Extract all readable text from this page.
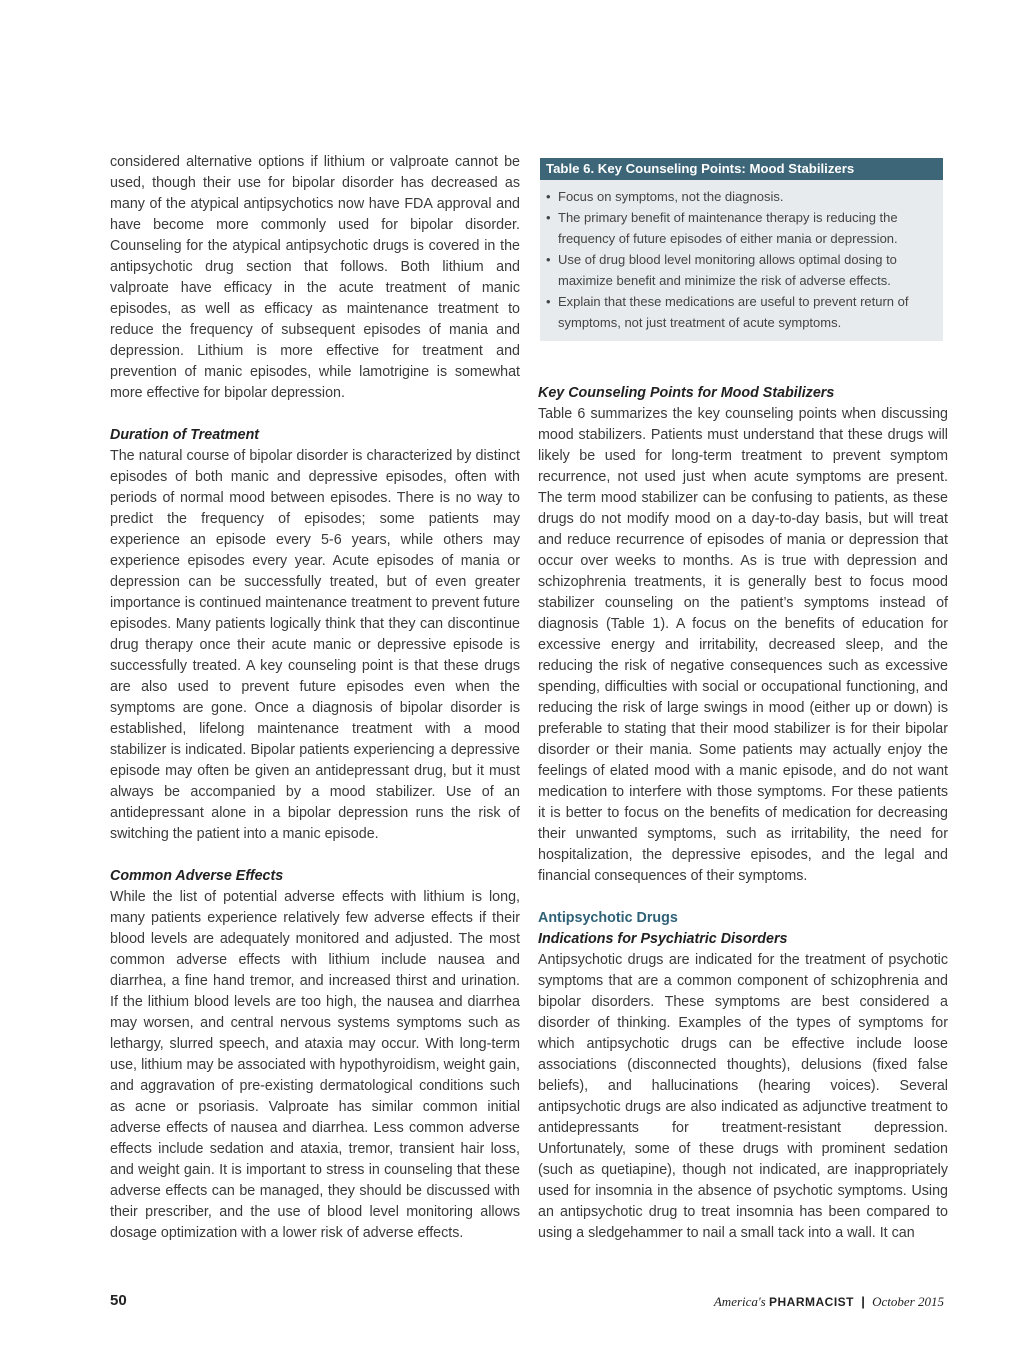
considered alternative options if lithium or valproate cannot be used, though their use for bipolar disorder has decreased as many of the atypical antipsychotics now have FDA approval and have become more commonly used for bipolar disorder. Counseling for the atypical antipsychotic drugs is covered in the antipsychotic drug section that follows. Both lithium and valproate have efficacy in the acute treatment of manic episodes, as well as efficacy as maintenance treatment to reduce the frequency of subsequent episodes of mania and depression. Lithium is more effective for treatment and prevention of manic episodes, while lamotrigine is somewhat more effective for bipolar depression.

Duration of Treatment

The natural course of bipolar disorder is characterized by distinct episodes of both manic and depressive episodes, often with periods of normal mood between episodes. There is no way to predict the frequency of episodes; some patients may experience an episode every 5-6 years, while others may experience episodes every year. Acute episodes of mania or depression can be successfully treated, but of even greater importance is continued maintenance treatment to prevent future episodes. Many patients logically think that they can discontinue drug therapy once their acute manic or depressive episode is successfully treated. A key counseling point is that these drugs are also used to prevent future episodes even when the symptoms are gone. Once a diagnosis of bipolar disorder is established, lifelong maintenance treatment with a mood stabilizer is indicated. Bipolar patients experiencing a depressive episode may often be given an antidepressant drug, but it must always be accompanied by a mood stabilizer. Use of an antidepressant alone in a bipolar depression runs the risk of switching the patient into a manic episode.

Common Adverse Effects

While the list of potential adverse effects with lithium is long, many patients experience relatively few adverse effects if their blood levels are adequately monitored and adjusted. The most common adverse effects with lithium include nausea and diarrhea, a fine hand tremor, and increased thirst and urination. If the lithium blood levels are too high, the nausea and diarrhea may worsen, and central nervous systems symptoms such as lethargy, slurred speech, and ataxia may occur. With long-term use, lithium may be associated with hypothyroidism, weight gain, and aggravation of pre-existing dermatological conditions such as acne or psoriasis. Valproate has similar common initial adverse effects of nausea and diarrhea. Less common adverse effects include sedation and ataxia, tremor, transient hair loss, and weight gain. It is important to stress in counseling that these adverse effects can be managed, they should be discussed with their prescriber, and the use of blood level monitoring allows dosage optimization with a lower risk of adverse effects.

Table 6. Key Counseling Points: Mood Stabilizers
• Focus on symptoms, not the diagnosis.
• The primary benefit of maintenance therapy is reducing the frequency of future episodes of either mania or depression.
• Use of drug blood level monitoring allows optimal dosing to maximize benefit and minimize the risk of adverse effects.
• Explain that these medications are useful to prevent return of symptoms, not just treatment of acute symptoms.

Key Counseling Points for Mood Stabilizers

Table 6 summarizes the key counseling points when discussing mood stabilizers. Patients must understand that these drugs will likely be used for long-term treatment to prevent symptom recurrence, not used just when acute symptoms are present. The term mood stabilizer can be confusing to patients, as these drugs do not modify mood on a day-to-day basis, but will treat and reduce recurrence of episodes of mania or depression that occur over weeks to months. As is true with depression and schizophrenia treatments, it is generally best to focus mood stabilizer counseling on the patient’s symptoms instead of diagnosis (Table 1). A focus on the benefits of education for excessive energy and irritability, decreased sleep, and the reducing the risk of negative consequences such as excessive spending, difficulties with social or occupational functioning, and reducing the risk of large swings in mood (either up or down) is preferable to stating that their mood stabilizer is for their bipolar disorder or their mania. Some patients may actually enjoy the feelings of elated mood with a manic episode, and do not want medication to interfere with those symptoms. For these patients it is better to focus on the benefits of medication for decreasing their unwanted symptoms, such as irritability, the need for hospitalization, the depressive episodes, and the legal and financial consequences of their symptoms.

Antipsychotic Drugs

Indications for Psychiatric Disorders

Antipsychotic drugs are indicated for the treatment of psychotic symptoms that are a common component of schizophrenia and bipolar disorders. These symptoms are best considered a disorder of thinking. Examples of the types of symptoms for which antipsychotic drugs can be effective include loose associations (disconnected thoughts), delusions (fixed false beliefs), and hallucinations (hearing voices). Several antipsychotic drugs are also indicated as adjunctive treatment to antidepressants for treatment-resistant depression. Unfortunately, some of these drugs with prominent sedation (such as quetiapine), though not indicated, are inappropriately used for insomnia in the absence of psychotic symptoms. Using an antipsychotic drug to treat insomnia has been compared to using a sledgehammer to nail a small tack into a wall. It can

50	America's PHARMACIST | October 2015
